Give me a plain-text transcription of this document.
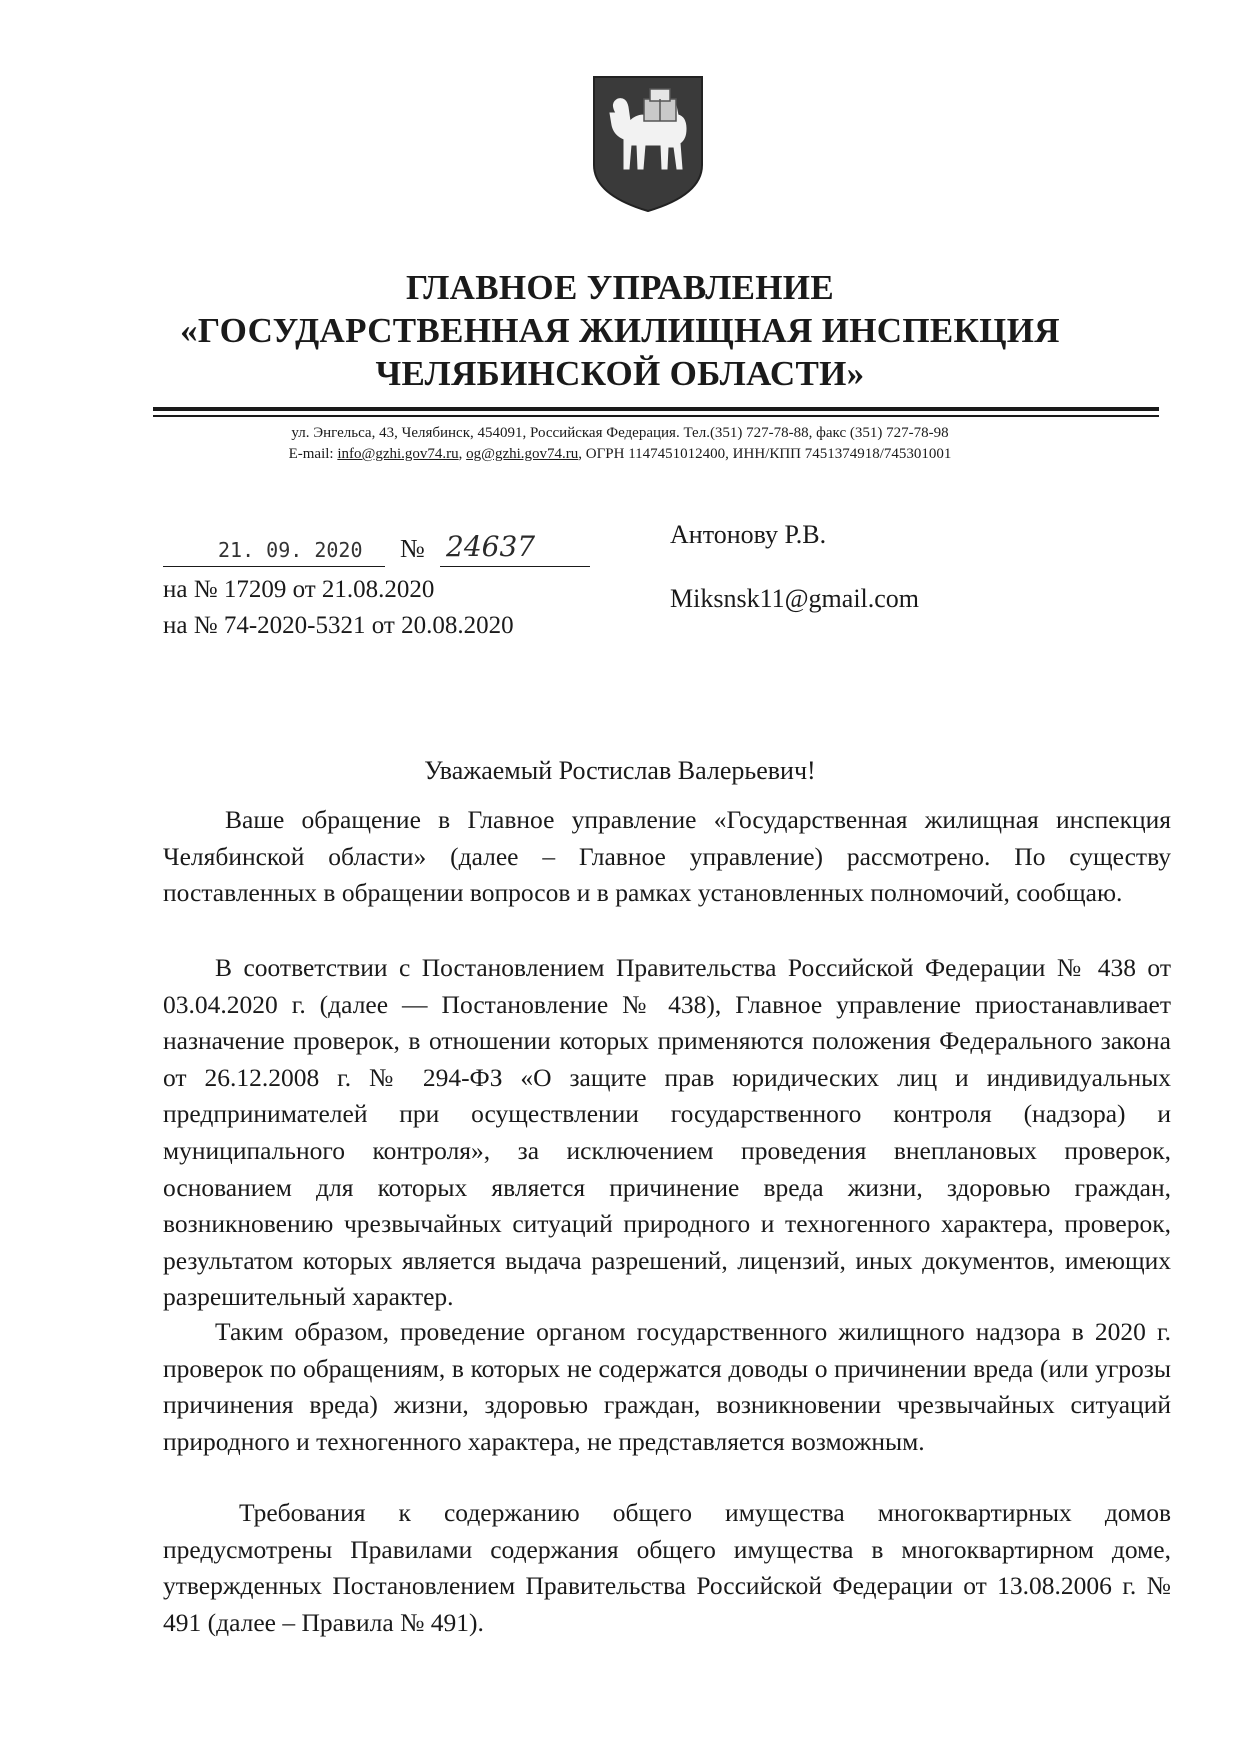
ГЛАВНОЕ УПРАВЛЕНИЕ
«ГОСУДАРСТВЕННАЯ ЖИЛИЩНАЯ ИНСПЕКЦИЯ
ЧЕЛЯБИНСКОЙ ОБЛАСТИ»
ул. Энгельса, 43, Челябинск, 454091, Российская Федерация. Тел.(351) 727-78-88, факс (351) 727-78-98
E-mail: info@gzhi.gov74.ru, og@gzhi.gov74.ru, ОГРН 1147451012400, ИНН/КПП 7451374918/745301001
21. 09. 2020 № 24637
на № 17209 от 21.08.2020
на № 74-2020-5321 от 20.08.2020
Антонову Р.В.
Miksnsk11@gmail.com
Уважаемый Ростислав Валерьевич!
Ваше обращение в Главное управление «Государственная жилищная инспекция Челябинской области» (далее – Главное управление) рассмотрено. По существу поставленных в обращении вопросов и в рамках установленных полномочий, сообщаю.
В соответствии с Постановлением Правительства Российской Федерации № 438 от 03.04.2020 г. (далее — Постановление № 438), Главное управление приостанавливает назначение проверок, в отношении которых применяются положения Федерального закона от 26.12.2008 г. № 294-ФЗ «О защите прав юридических лиц и индивидуальных предпринимателей при осуществлении государственного контроля (надзора) и муниципального контроля», за исключением проведения внеплановых проверок, основанием для которых является причинение вреда жизни, здоровью граждан, возникновению чрезвычайных ситуаций природного и техногенного характера, проверок, результатом которых является выдача разрешений, лицензий, иных документов, имеющих разрешительный характер.
Таким образом, проведение органом государственного жилищного надзора в 2020 г. проверок по обращениям, в которых не содержатся доводы о причинении вреда (или угрозы причинения вреда) жизни, здоровью граждан, возникновении чрезвычайных ситуаций природного и техногенного характера, не представляется возможным.
Требования к содержанию общего имущества многоквартирных домов предусмотрены Правилами содержания общего имущества в многоквартирном доме, утвержденных Постановлением Правительства Российской Федерации от 13.08.2006 г. № 491 (далее – Правила № 491).
